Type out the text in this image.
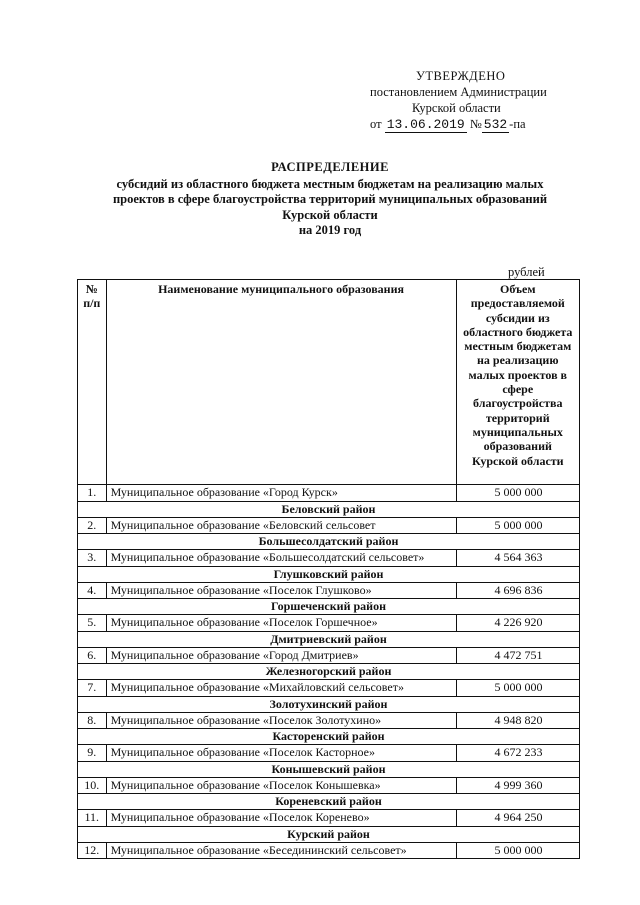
УТВЕРЖДЕНО
постановлением Администрации
Курской области
от 13.06.2019 № 532 -па
РАСПРЕДЕЛЕНИЕ
субсидий из областного бюджета местным бюджетам на реализацию малых
проектов в сфере благоустройства территорий муниципальных образований
Курской области
на 2019 год
рублей
№ п/п	Наименование муниципального образования	Объем предоставляемой субсидии из областного бюджета местным бюджетам на реализацию малых проектов в сфере благоустройства территорий муниципальных образований Курской области
1.	Муниципальное образование «Город Курск»	5 000 000
Беловский район		
2.	Муниципальное образование «Беловский сельсовет	5 000 000
Большесолдатский район		
3.	Муниципальное образование «Большесолдатский сельсовет»	4 564 363
Глушковский район		
4.	Муниципальное образование «Поселок Глушково»	4 696 836
Горшеченский район		
5.	Муниципальное образование «Поселок Горшечное»	4 226 920
Дмитриевский район		
6.	Муниципальное образование «Город Дмитриев»	4 472 751
Железногорский район		
7.	Муниципальное образование «Михайловский сельсовет»	5 000 000
Золотухинский район		
8.	Муниципальное образование «Поселок Золотухино»	4 948 820
Касторенский район		
9.	Муниципальное образование «Поселок Касторное»	4 672 233
Конышевский район		
10.	Муниципальное образование «Поселок Конышевка»	4 999 360
Кореневский район		
11.	Муниципальное образование «Поселок Коренево»	4 964 250
Курский район		
12.	Муниципальное образование «Беседининский сельсовет»	5 000 000
